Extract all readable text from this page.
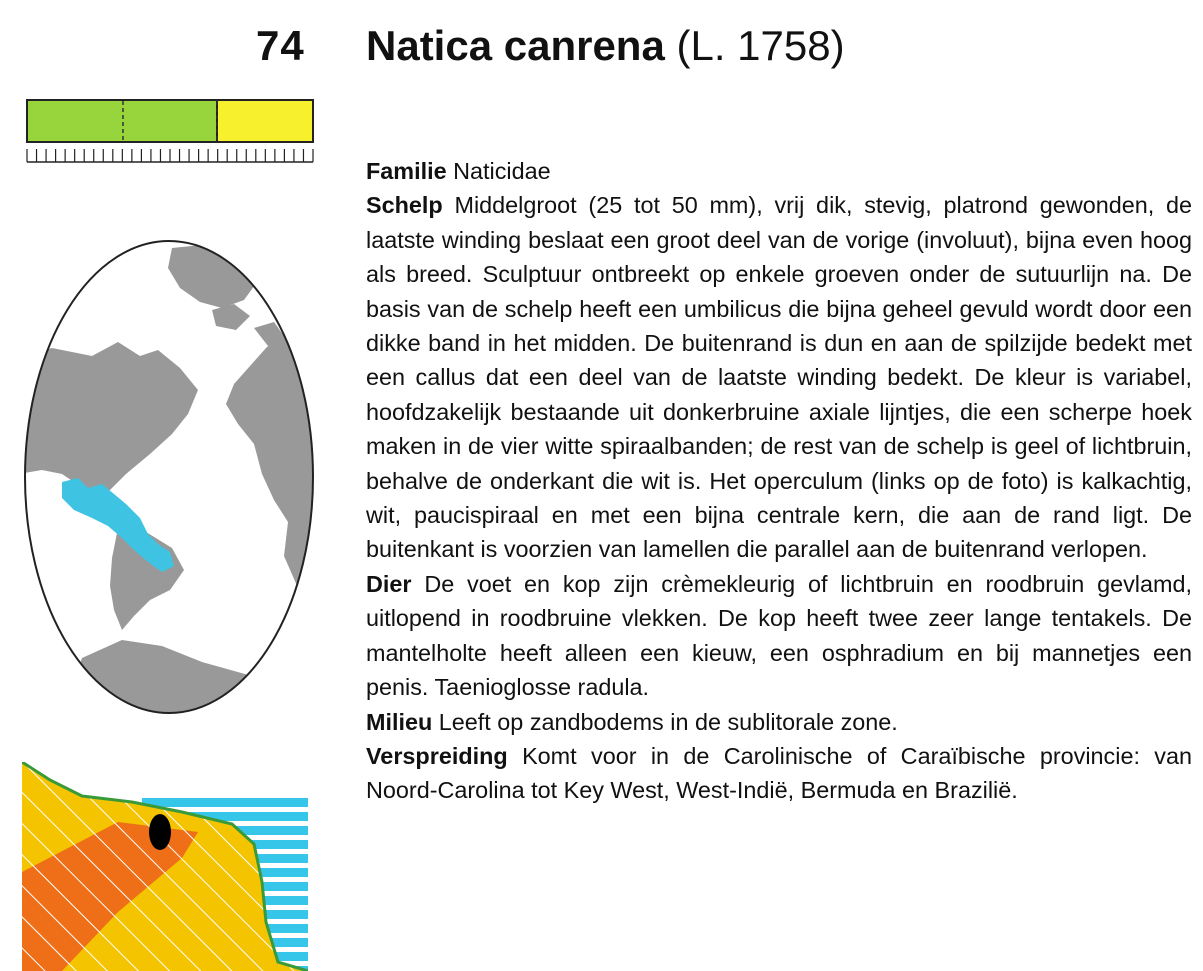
74 Natica canrena (L. 1758)

Familie Naticidae

Schelp Middelgroot (25 tot 50 mm), vrij dik, stevig, platrond gewonden, de laatste winding beslaat een groot deel van de vorige (involuut), bijna even hoog als breed. Sculptuur ontbreekt op enkele groeven onder de sutuurlijn na. De basis van de schelp heeft een umbilicus die bijna geheel gevuld wordt door een dikke band in het midden. De buitenrand is dun en aan de spilzijde bedekt met een callus dat een deel van de laatste winding bedekt. De kleur is variabel, hoofdzakelijk bestaande uit donkerbruine axiale lijntjes, die een scherpe hoek maken in de vier witte spiraalbanden; de rest van de schelp is geel of lichtbruin, behalve de onderkant die wit is. Het operculum (links op de foto) is kalkachtig, wit, paucispiraal en met een bijna centrale kern, die aan de rand ligt. De buitenkant is voorzien van lamellen die parallel aan de buitenrand verlopen.

Dier De voet en kop zijn crèmekleurig of lichtbruin en roodbruin gevlamd, uitlopend in roodbruine vlekken. De kop heeft twee zeer lange tentakels. De mantelholte heeft alleen een kieuw, een osphradium en bij mannetjes een penis. Taenioglosse radula.

Milieu Leeft op zandbodems in de sublitorale zone.

Verspreiding Komt voor in de Carolinische of Caraïbische provincie: van Noord-Carolina tot Key West, West-Indië, Bermuda en Brazilië.
